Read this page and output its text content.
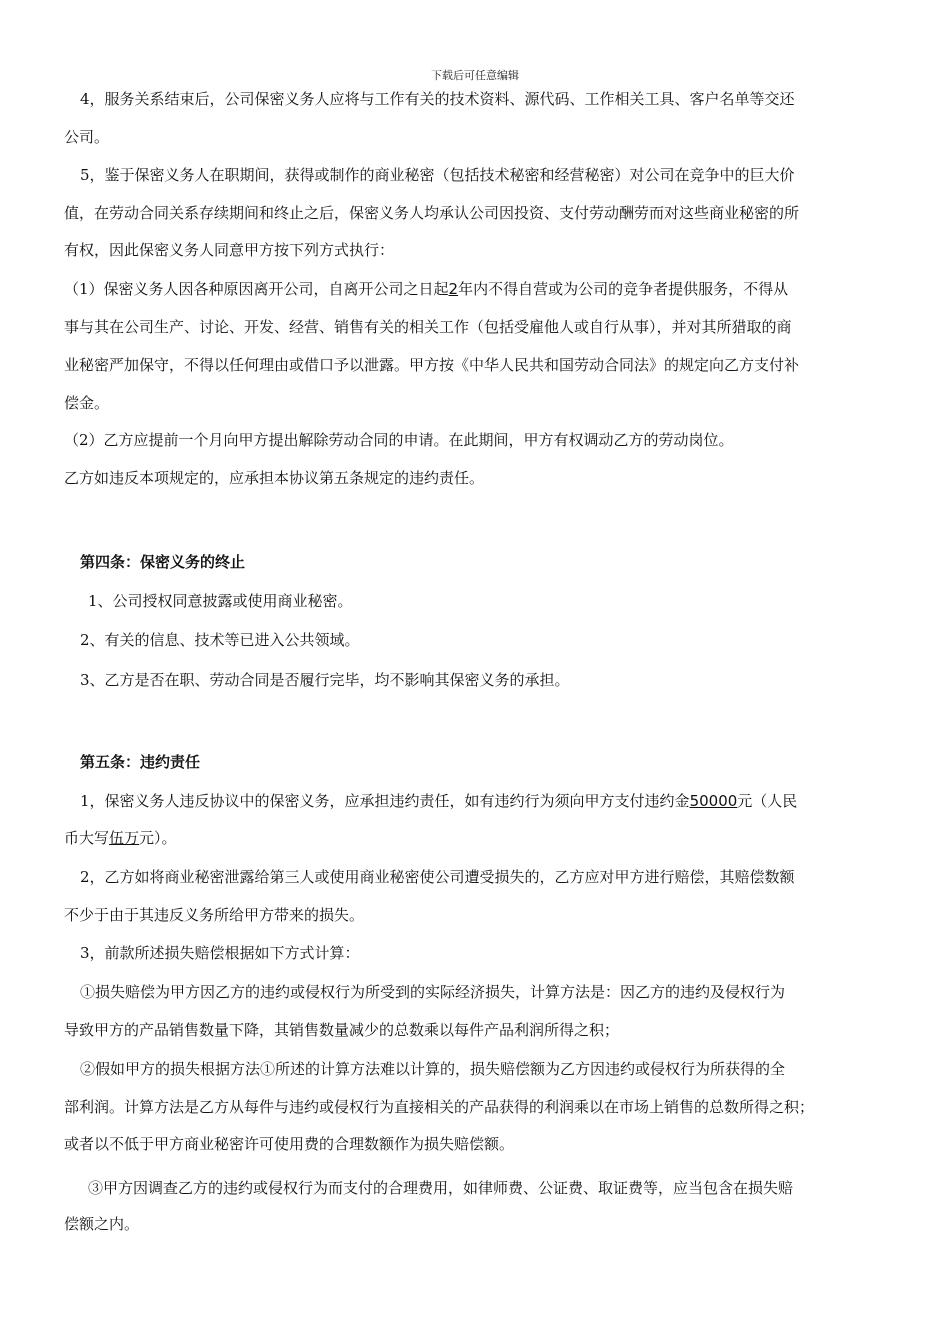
下载后可任意编辑
4，服务关系结束后，公司保密义务人应将与工作有关的技术资料、源代码、工作相关工具、客户名单等交还
公司。
5，鉴于保密义务人在职期间，获得或制作的商业秘密（包括技术秘密和经营秘密）对公司在竞争中的巨大价
值，在劳动合同关系存续期间和终止之后，保密义务人均承认公司因投资、支付劳动酬劳而对这些商业秘密的所
有权，因此保密义务人同意甲方按下列方式执行：
（1）保密义务人因各种原因离开公司，自离开公司之日起2年内不得自营或为公司的竞争者提供服务，不得从
事与其在公司生产、讨论、开发、经营、销售有关的相关工作（包括受雇他人或自行从事），并对其所猎取的商
业秘密严加保守，不得以任何理由或借口予以泄露。甲方按《中华人民共和国劳动合同法》的规定向乙方支付补
偿金。
（2）乙方应提前一个月向甲方提出解除劳动合同的申请。在此期间，甲方有权调动乙方的劳动岗位。
乙方如违反本项规定的，应承担本协议第五条规定的违约责任。
第四条：保密义务的终止
1、公司授权同意披露或使用商业秘密。
2、有关的信息、技术等已进入公共领域。
3、乙方是否在职、劳动合同是否履行完毕，均不影响其保密义务的承担。
第五条：违约责任
1，保密义务人违反协议中的保密义务，应承担违约责任，如有违约行为须向甲方支付违约金50000元（人民
币大写伍万元）。
2，乙方如将商业秘密泄露给第三人或使用商业秘密使公司遭受损失的，乙方应对甲方进行赔偿，其赔偿数额
不少于由于其违反义务所给甲方带来的损失。
3，前款所述损失赔偿根据如下方式计算：
①损失赔偿为甲方因乙方的违约或侵权行为所受到的实际经济损失，计算方法是：因乙方的违约及侵权行为
导致甲方的产品销售数量下降，其销售数量减少的总数乘以每件产品利润所得之积；
②假如甲方的损失根据方法①所述的计算方法难以计算的，损失赔偿额为乙方因违约或侵权行为所获得的全
部利润。计算方法是乙方从每件与违约或侵权行为直接相关的产品获得的利润乘以在市场上销售的总数所得之积；
或者以不低于甲方商业秘密许可使用费的合理数额作为损失赔偿额。
③甲方因调查乙方的违约或侵权行为而支付的合理费用，如律师费、公证费、取证费等，应当包含在损失赔
偿额之内。
